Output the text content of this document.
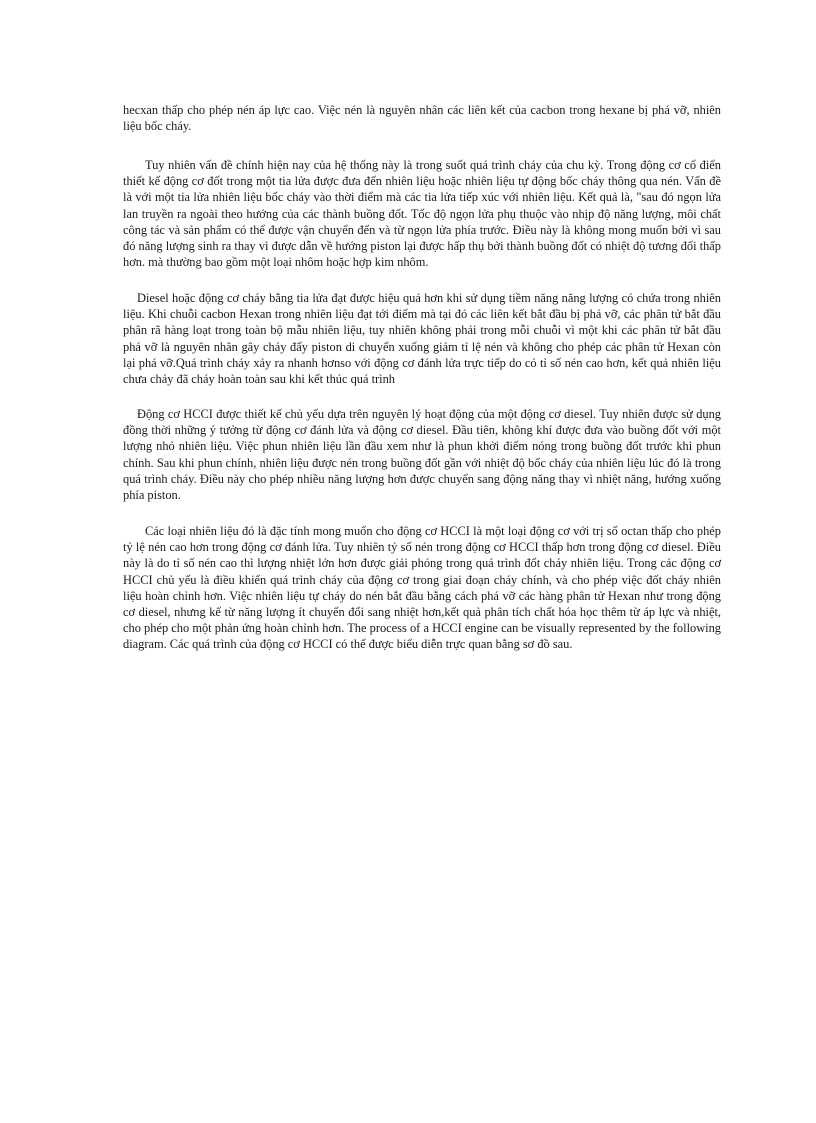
hecxan thấp cho phép nén áp lực cao. Việc nén là nguyên nhân các liên kết của cacbon trong hexane bị phá vỡ, nhiên liệu bốc cháy.

Tuy nhiên vấn đề chính hiện nay của hệ thống này là trong suốt quá trình cháy của chu kỳ. Trong động cơ cổ điển thiết kế động cơ đốt trong một tia lửa được đưa đến nhiên liệu hoặc nhiên liệu tự động bốc cháy thông qua nén. Vấn đề là với một tia lửa nhiên liệu bốc cháy vào thời điểm mà các tia lửa tiếp xúc với nhiên liệu. Kết quả là, "sau đó ngọn lửa lan truyền ra ngoài theo hướng của các thành buồng đốt. Tốc độ ngọn lửa phụ thuộc vào nhịp độ năng lượng, môi chất công tác và sản phẩm có thể được vận chuyển đến và từ ngọn lửa phía trước. Điều này là không mong muốn bởi vì sau đó năng lượng sinh ra thay vì được dẫn về hướng piston lại được hấp thụ bởi thành buồng đốt có nhiệt độ tương đối thấp hơn. mà thường bao gồm một loại nhôm hoặc hợp kim nhôm.

Diesel hoặc động cơ cháy bằng tia lửa đạt được hiệu quả hơn khi sử dụng tiềm năng năng lượng có chứa trong nhiên liệu. Khi chuỗi cacbon Hexan trong nhiên liệu đạt tới điểm mà tại đó các liên kết bắt đầu bị phá vỡ, các phân tử bắt đầu phân rã hàng loạt trong toàn bộ mẫu nhiên liệu, tuy nhiên không phải trong mỗi chuỗi vì một khi các phân tử bắt đầu phá vỡ là nguyên nhân gây cháy đẩy piston di chuyển xuống giảm tỉ lệ nén và không cho phép các phân tử Hexan còn lại phá vỡ.Quá trình cháy xảy ra nhanh hơnso với động cơ đánh lửa trực tiếp do có tỉ số nén cao hơn, kết quả nhiên liệu chưa cháy đã cháy hoàn toàn sau khi kết thúc quá trình

Động cơ HCCI được thiết kế chủ yếu dựa trên nguyên lý hoạt động của một động cơ diesel. Tuy nhiên được sử dụng đồng thời những ý tưởng từ động cơ đánh lửa và động cơ diesel. Đầu tiên, không khí được đưa vào buồng đốt với một lượng nhỏ nhiên liệu. Việc phun nhiên liệu lần đầu xem như là phun khởi điểm nóng trong buồng đốt trước khi phun chính. Sau khi phun chính, nhiên liệu được nén trong buồng đốt gần với nhiệt độ bốc cháy của nhiên liệu lúc đó là trong quá trình cháy. Điều này cho phép nhiều năng lượng hơn được chuyển sang động năng thay vì nhiệt năng, hướng xuống phía piston.

Các loại nhiên liệu đó là đặc tính mong muốn cho động cơ HCCI là một loại động cơ với trị số octan thấp cho phép tỷ lệ nén cao hơn trong động cơ đánh lửa. Tuy nhiên tỷ số nén trong động cơ HCCI thấp hơn trong động cơ diesel. Điều này là do tỉ số nén cao thì lượng nhiệt lớn hơn được giải phóng trong quá trình đốt cháy nhiên liệu. Trong các động cơ HCCI chủ yếu là điều khiển quá trình cháy của động cơ trong giai đoạn cháy chính, và cho phép việc đốt cháy nhiên liệu hoàn chỉnh hơn. Việc nhiên liệu tự cháy do nén bắt đầu bằng cách phá vỡ các hàng phân tử Hexan như trong động cơ diesel, nhưng kể từ năng lượng ít chuyển đổi sang nhiệt hơn,kết quả phân tích chất hóa học thêm từ áp lực và nhiệt, cho phép cho một phản ứng hoàn chỉnh hơn. The process of a HCCI engine can be visually represented by the following diagram. Các quá trình của động cơ HCCI có thể được biểu diễn trực quan bằng sơ đồ sau.
